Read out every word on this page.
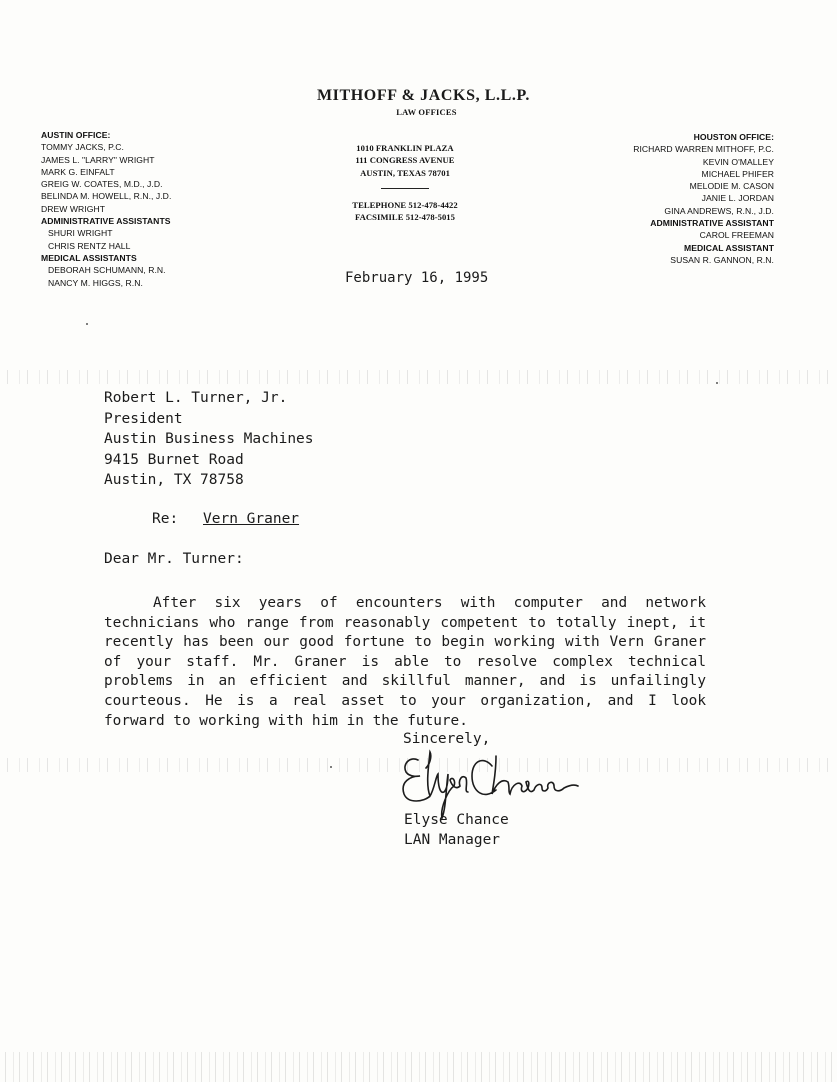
MITHOFF & JACKS, L.L.P.
LAW OFFICES
AUSTIN OFFICE:
TOMMY JACKS, P.C.
JAMES L. "LARRY" WRIGHT
MARK G. EINFALT
GREIG W. COATES, M.D., J.D.
BELINDA M. HOWELL, R.N., J.D.
DREW WRIGHT
ADMINISTRATIVE ASSISTANTS
SHURI WRIGHT
CHRIS RENTZ HALL
MEDICAL ASSISTANTS
DEBORAH SCHUMANN, R.N.
NANCY M. HIGGS, R.N.
1010 FRANKLIN PLAZA
111 CONGRESS AVENUE
AUSTIN, TEXAS 78701
TELEPHONE 512-478-4422
FACSIMILE 512-478-5015
HOUSTON OFFICE:
RICHARD WARREN MITHOFF, P.C.
KEVIN O'MALLEY
MICHAEL PHIFER
MELODIE M. CASON
JANIE L. JORDAN
GINA ANDREWS, R.N., J.D.
ADMINISTRATIVE ASSISTANT
CAROL FREEMAN
MEDICAL ASSISTANT
SUSAN R. GANNON, R.N.
February 16, 1995
Robert L. Turner, Jr.
President
Austin Business Machines
9415 Burnet Road
Austin, TX 78758
Re: Vern Graner
Dear Mr. Turner:
After six years of encounters with computer and network technicians who range from reasonably competent to totally inept, it recently has been our good fortune to begin working with Vern Graner of your staff. Mr. Graner is able to resolve complex technical problems in an efficient and skillful manner, and is unfailingly courteous. He is a real asset to your organization, and I look forward to working with him in the future.
Sincerely,
Elyse Chance
LAN Manager
